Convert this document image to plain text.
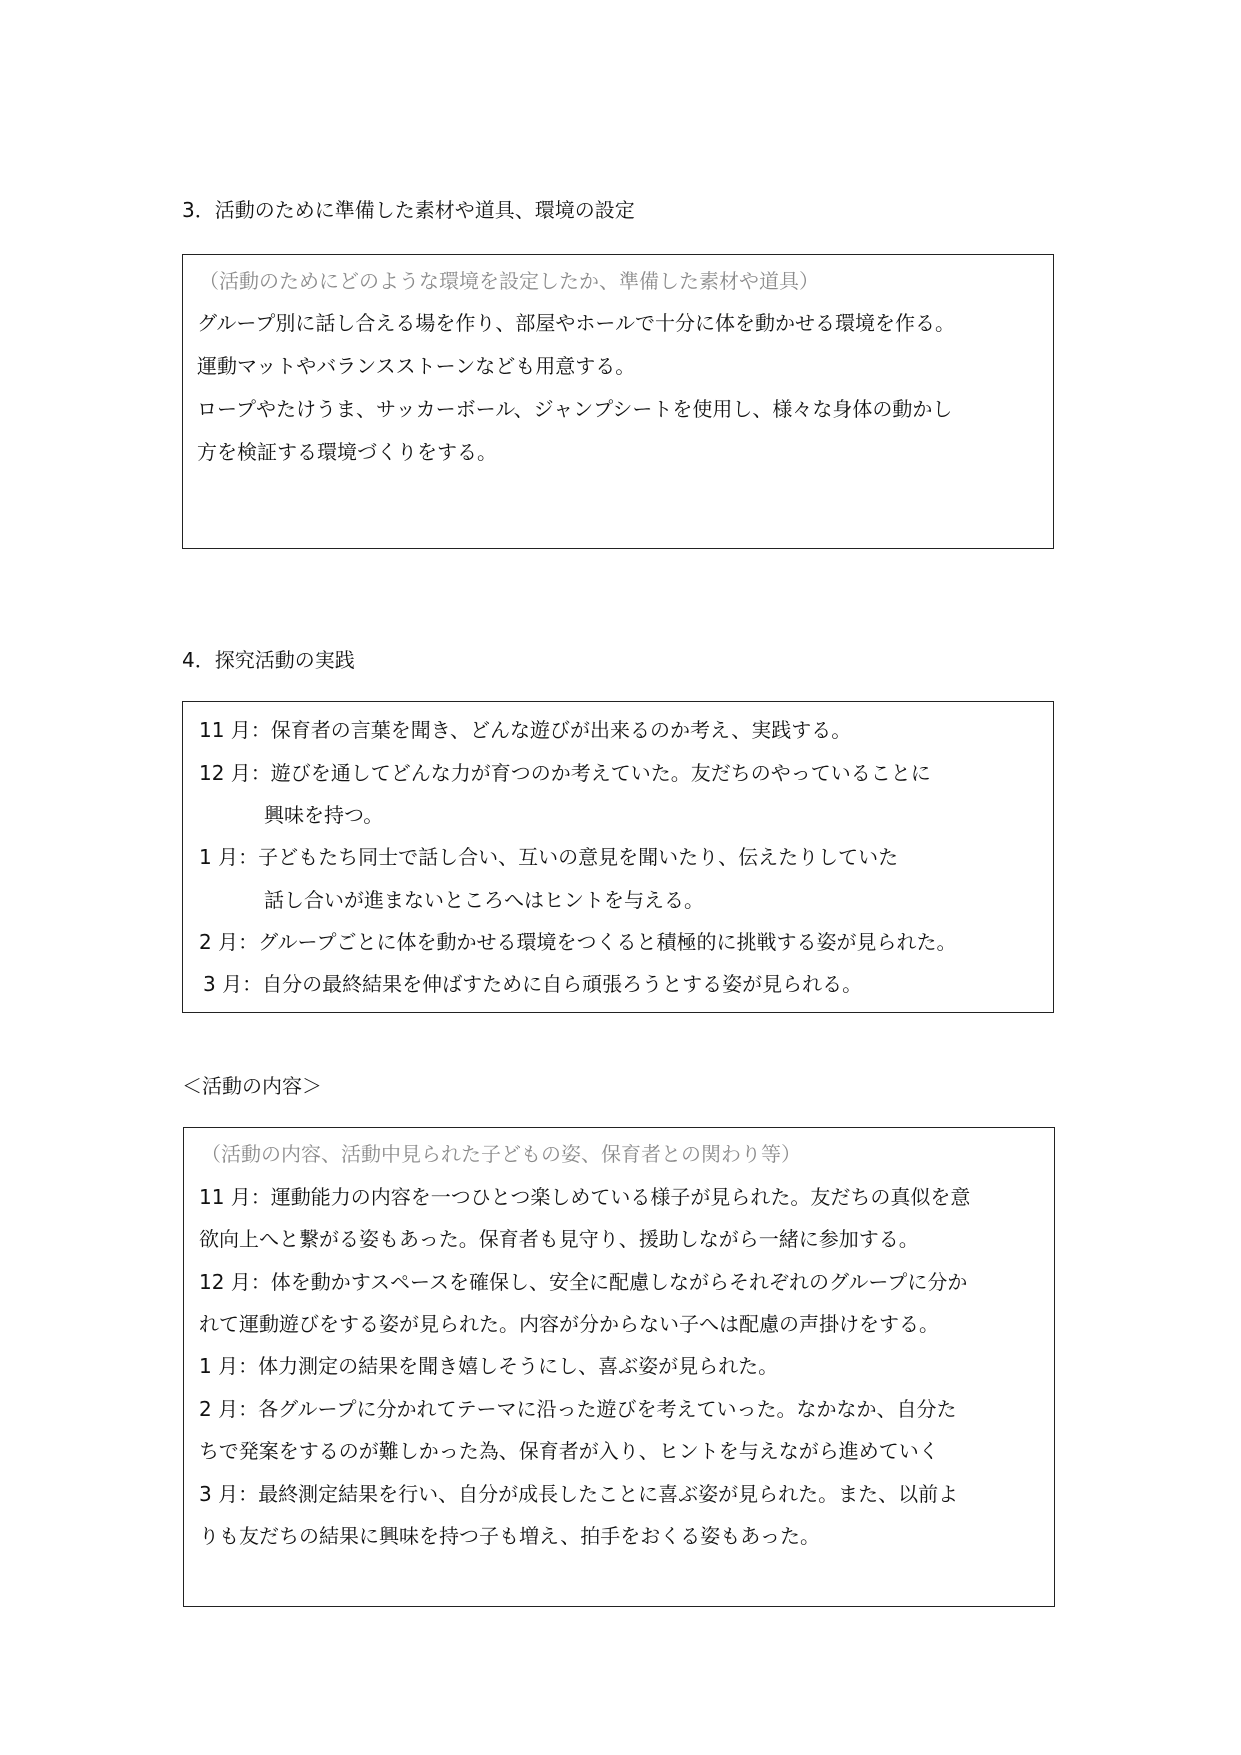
3．活動のために準備した素材や道具、環境の設定
（活動のためにどのような環境を設定したか、準備した素材や道具）
グループ別に話し合える場を作り、部屋やホールで十分に体を動かせる環境を作る。
運動マットやバランスストーンなども用意する。
ロープやたけうま、サッカーボール、ジャンプシートを使用し、様々な身体の動かし
方を検証する環境づくりをする。
4．探究活動の実践
11 月：保育者の言葉を聞き、どんな遊びが出来るのか考え、実践する。
12 月：遊びを通してどんな力が育つのか考えていた。友だちのやっていることに
興味を持つ。
1 月：子どもたち同士で話し合い、互いの意見を聞いたり、伝えたりしていた
話し合いが進まないところへはヒントを与える。
2 月：グループごとに体を動かせる環境をつくると積極的に挑戦する姿が見られた。
3 月：自分の最終結果を伸ばすために自ら頑張ろうとする姿が見られる。
＜活動の内容＞
（活動の内容、活動中見られた子どもの姿、保育者との関わり等）
11 月：運動能力の内容を一つひとつ楽しめている様子が見られた。友だちの真似を意
欲向上へと繋がる姿もあった。保育者も見守り、援助しながら一緒に参加する。
12 月：体を動かすスペースを確保し、安全に配慮しながらそれぞれのグループに分か
れて運動遊びをする姿が見られた。内容が分からない子へは配慮の声掛けをする。
1 月：体力測定の結果を聞き嬉しそうにし、喜ぶ姿が見られた。
2 月：各グループに分かれてテーマに沿った遊びを考えていった。なかなか、自分た
ちで発案をするのが難しかった為、保育者が入り、ヒントを与えながら進めていく
3 月：最終測定結果を行い、自分が成長したことに喜ぶ姿が見られた。また、以前よ
りも友だちの結果に興味を持つ子も増え、拍手をおくる姿もあった。
